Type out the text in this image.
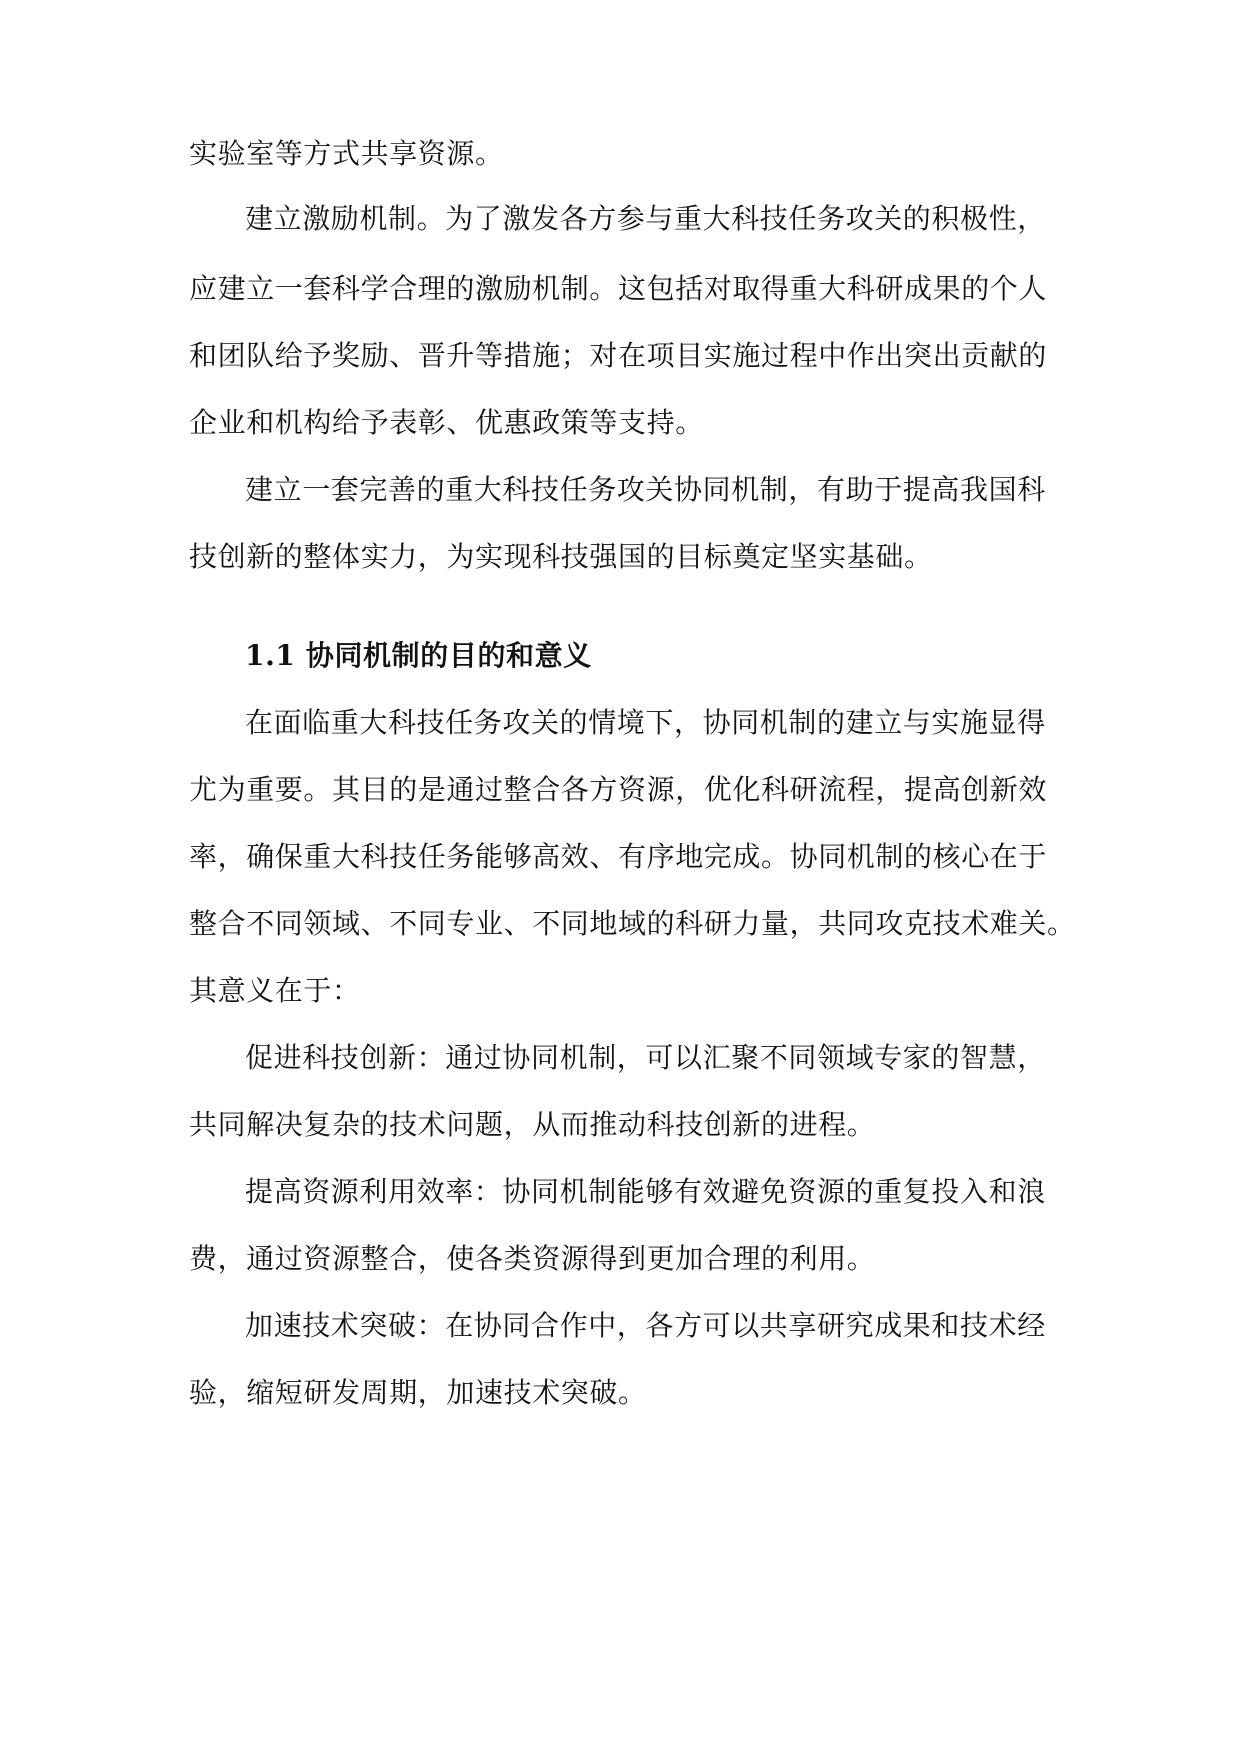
实验室等方式共享资源。
建立激励机制。为了激发各方参与重大科技任务攻关的积极性，
应建立一套科学合理的激励机制。这包括对取得重大科研成果的个人
和团队给予奖励、晋升等措施；对在项目实施过程中作出突出贡献的
企业和机构给予表彰、优惠政策等支持。
建立一套完善的重大科技任务攻关协同机制，有助于提高我国科
技创新的整体实力，为实现科技强国的目标奠定坚实基础。
1.1 协同机制的目的和意义
在面临重大科技任务攻关的情境下，协同机制的建立与实施显得
尤为重要。其目的是通过整合各方资源，优化科研流程，提高创新效
率，确保重大科技任务能够高效、有序地完成。协同机制的核心在于
整合不同领域、不同专业、不同地域的科研力量，共同攻克技术难关。
其意义在于：
促进科技创新：通过协同机制，可以汇聚不同领域专家的智慧，
共同解决复杂的技术问题，从而推动科技创新的进程。
提高资源利用效率：协同机制能够有效避免资源的重复投入和浪
费，通过资源整合，使各类资源得到更加合理的利用。
加速技术突破：在协同合作中，各方可以共享研究成果和技术经
验，缩短研发周期，加速技术突破。
